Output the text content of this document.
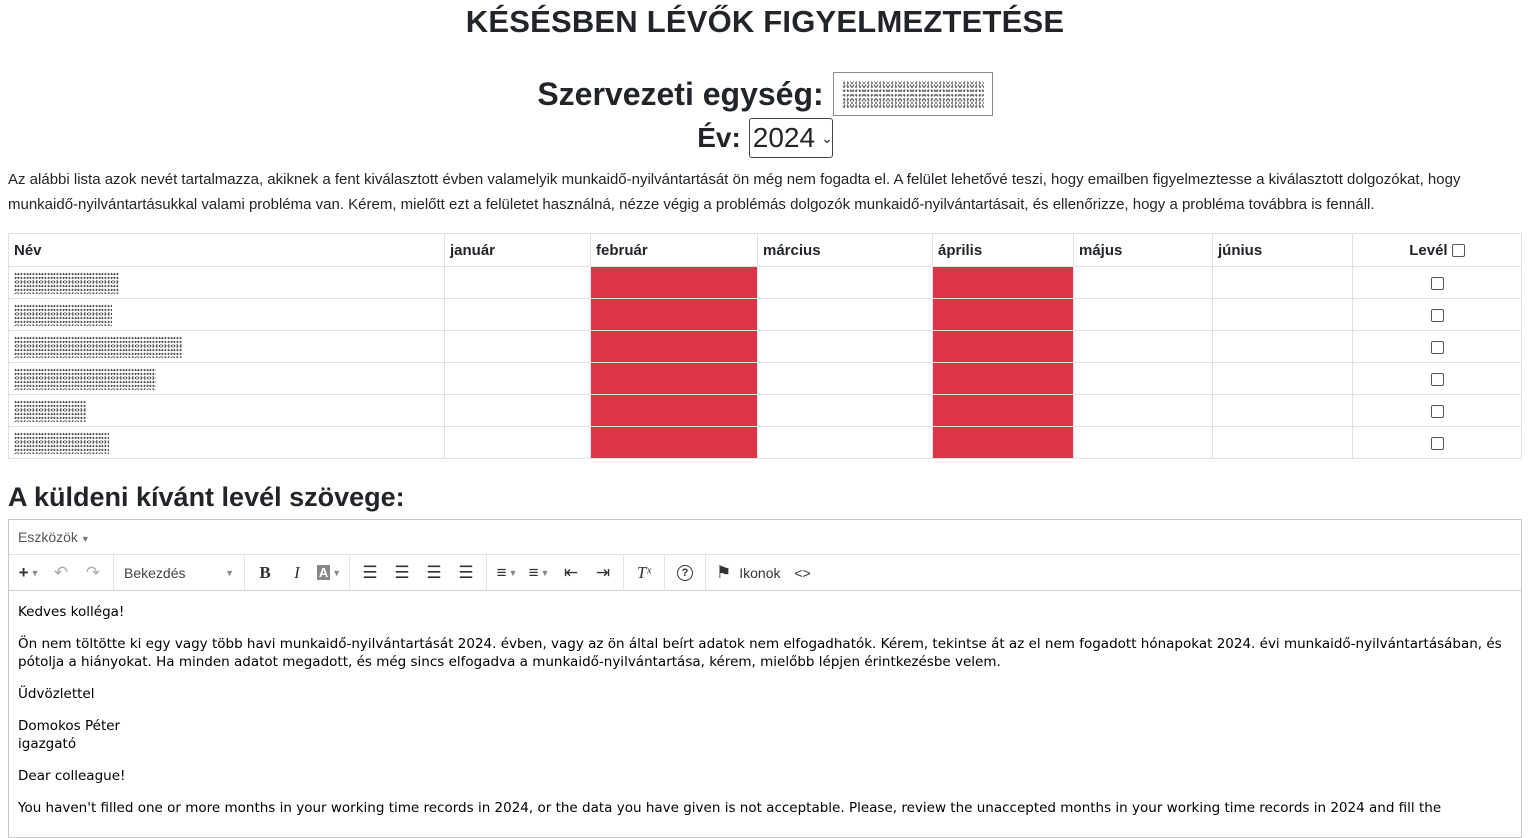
KÉSÉSBEN LÉVŐK FIGYELMEZTETÉSE
Szervezeti egység:
Év: 2024 ⌄
Az alábbi lista azok nevét tartalmazza, akiknek a fent kiválasztott évben valamelyik munkaidő-nyilvántartását ön még nem fogadta el. A felület lehetővé teszi, hogy emailben figyelmeztesse a kiválasztott dolgozókat, hogy munkaidő-nyilvántartásukkal valami probléma van. Kérem, mielőtt ezt a felületet használná, nézze végig a problémás dolgozók munkaidő-nyilvántartásait, és ellenőrizze, hogy a probléma továbbra is fennáll.
Név	január	február	március	április	május	június	Levél

A küldeni kívánt levél szövege:
Eszközök ▼
+ ▼ ↶ ↷ Bekezdés	▼ B I A ▼ ☰ ☰ ☰ ☰ ≡ ▼ ≡ ▼ ⇤ ⇥ Tˣ	? ⚑ Ikonok <>

Kedves kolléga!

Ön nem töltötte ki egy vagy több havi munkaidő-nyilvántartását 2024. évben, vagy az ön által beírt adatok nem elfogadhatók. Kérem, tekintse át az el nem fogadott hónapokat 2024. évi munkaidő-nyilvántartásában, és pótolja a hiányokat. Ha minden adatot megadott, és még sincs elfogadva a munkaidő-nyilvántartása, kérem, mielőbb lépjen érintkezésbe velem.

Üdvözlettel

Domokos Péter
igazgató

Dear colleague!

You haven't filled one or more months in your working time records in 2024, or the data you have given is not acceptable. Please, review the unaccepted months in your working time records in 2024 and fill the
